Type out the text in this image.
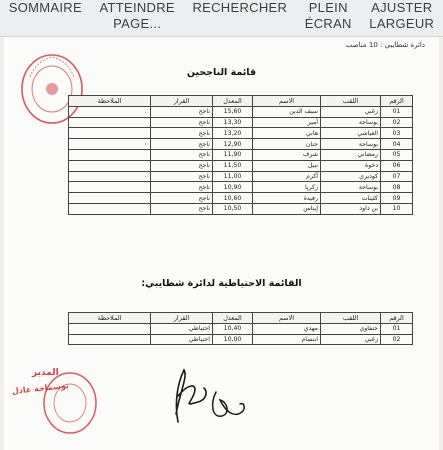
SOMMAIRE ATTEINDRE
PAGE...
RECHERCHER PLEIN
ÉCRAN
AJUSTER
LARGEUR
دائرة شطايبي : 10 مناصب
قائمة الناجحين
الرقم	اللقب	الاسم	المعدل	القرار	الملاحظة
01	زغبي	سيف الدين	15,60	ناجح	
02	بوساحة	أمير	13,30	ناجح	
03	العياشي	هاني	13,20	ناجح	
04	بوساحة	حنان	12,90	ناجح	
05	رمضاني	شرف	11,90	ناجح	
06	دخوة	نبيل	11,50	ناجح	
07	كوديري	أكرم	11,00	ناجح	
08	بوساحة	زكريا	10,90	ناجح	
09	كلينات	رفيدة	10,60	ناجح	
10	بن داود	إيناس	10,50	ناجح	
القائمة الاحتياطية لدائرة شطايبي:
الرقم	اللقب	الاسم	المعدل	القرار	الملاحظة
01	حنفاوي	مهدي	10,40	احتياطي	
02	زغبي	ابتسام	10,00	احتياطي	
المدير
بوسماحة عادل
